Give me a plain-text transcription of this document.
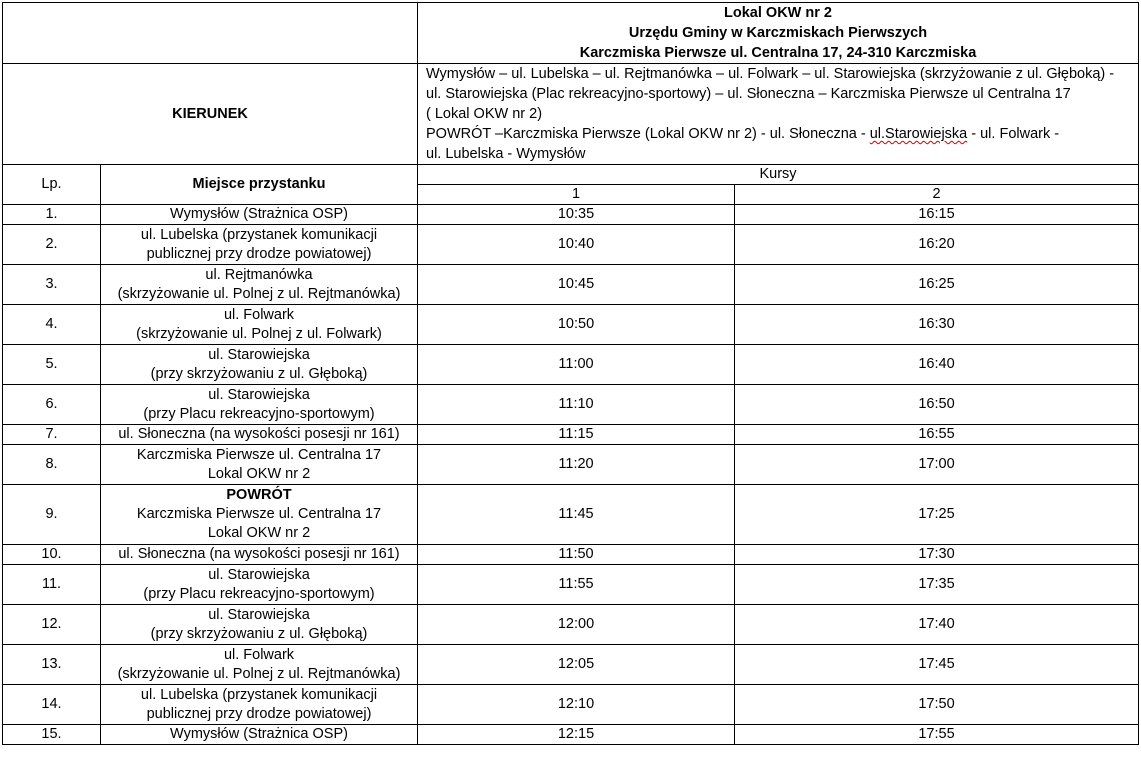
		Lokal OKW nr 2
Urzędu Gminy w Karczmiskach Pierwszych
Karczmiska Pierwsze ul. Centralna 17, 24-310 Karczmiska	

KIERUNEK		Wymysłów – ul. Lubelska – ul. Rejtmanówka – ul. Folwark – ul. Starowiejska (skrzyżowanie z ul. Głęboką) -
ul. Starowiejska (Plac rekreacyjno-sportowy) – ul. Słoneczna – Karczmiska Pierwsze ul Centralna 17
( Lokal OKW nr 2)
POWRÓT –Karczmiska Pierwsze (Lokal OKW nr 2) - ul. Słoneczna - ul.Starowiejska - ul. Folwark -
ul. Lubelska - Wymysłów	

Lp.	Miejsce przystanku	Kursy	
		1	2
1.	Wymysłów (Strażnica OSP)	10:35	16:15
2.	ul. Lubelska (przystanek komunikacji
publicznej przy drodze powiatowej)	10:40	16:20
3.	ul. Rejtmanówka
(skrzyżowanie ul. Polnej z ul. Rejtmanówka)	10:45	16:25
4.	ul. Folwark
(skrzyżowanie ul. Polnej z ul. Folwark)	10:50	16:30
5.	ul. Starowiejska
(przy skrzyżowaniu z ul. Głęboką)	11:00	16:40
6.	ul. Starowiejska
(przy Placu rekreacyjno-sportowym)	11:10	16:50
7.	ul. Słoneczna (na wysokości posesji nr 161)	11:15	16:55
8.	Karczmiska Pierwsze ul. Centralna 17
Lokal OKW nr 2	11:20	17:00
9.	POWRÓT
Karczmiska Pierwsze ul. Centralna 17
Lokal OKW nr 2	11:45	17:25
10.	ul. Słoneczna (na wysokości posesji nr 161)	11:50	17:30
11.	ul. Starowiejska
(przy Placu rekreacyjno-sportowym)	11:55	17:35
12.	ul. Starowiejska
(przy skrzyżowaniu z ul. Głęboką)	12:00	17:40
13.	ul. Folwark
(skrzyżowanie ul. Polnej z ul. Rejtmanówka)	12:05	17:45
14.	ul. Lubelska (przystanek komunikacji
publicznej przy drodze powiatowej)	12:10	17:50
15.	Wymysłów (Strażnica OSP)	12:15	17:55
